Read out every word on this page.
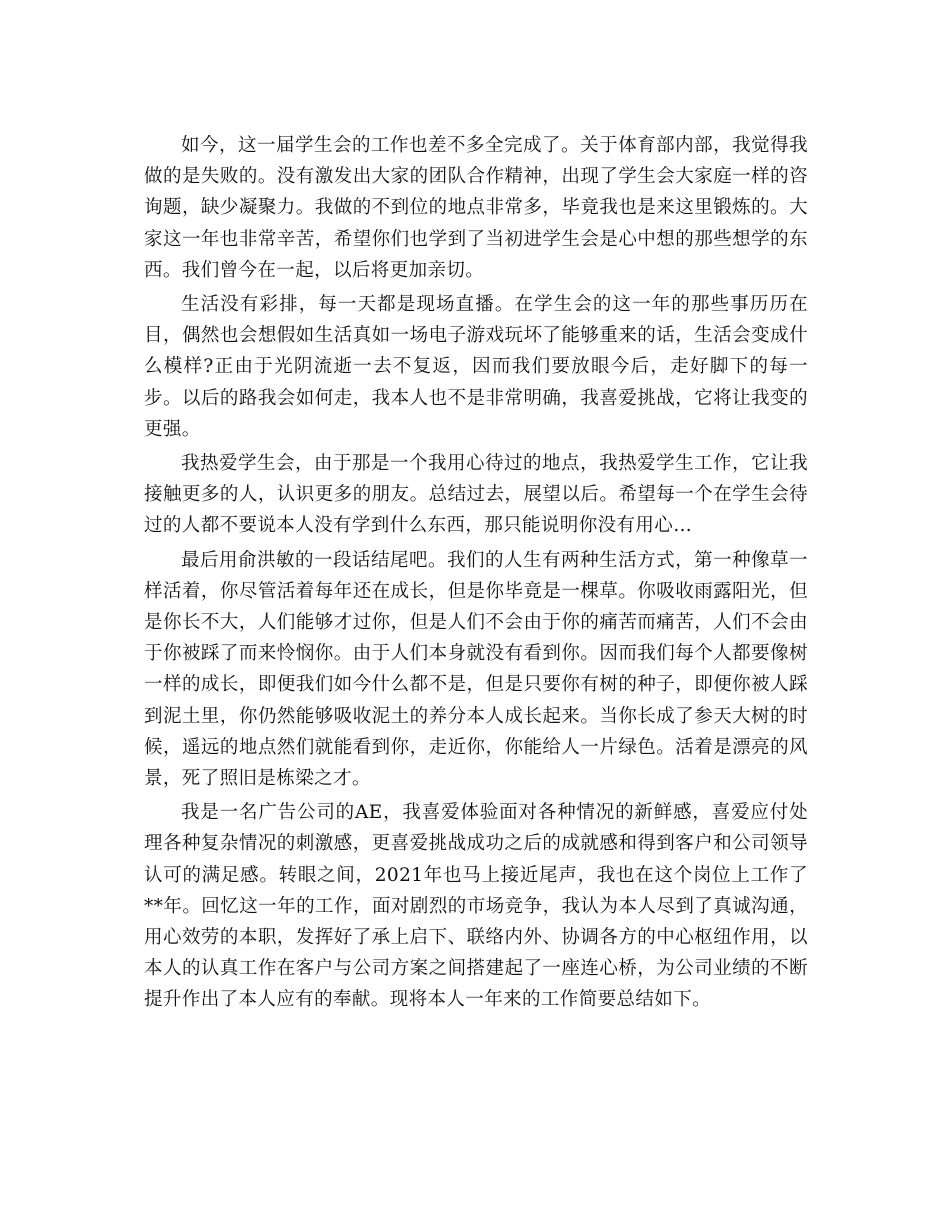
如今，这一届学生会的工作也差不多全完成了。关于体育部内部，我觉得我做的是失败的。没有激发出大家的团队合作精神，出现了学生会大家庭一样的咨询题，缺少凝聚力。我做的不到位的地点非常多，毕竟我也是来这里锻炼的。大家这一年也非常辛苦，希望你们也学到了当初进学生会是心中想的那些想学的东西。我们曾今在一起，以后将更加亲切。

生活没有彩排，每一天都是现场直播。在学生会的这一年的那些事历历在目，偶然也会想假如生活真如一场电子游戏玩坏了能够重来的话，生活会变成什么模样?正由于光阴流逝一去不复返，因而我们要放眼今后，走好脚下的每一步。以后的路我会如何走，我本人也不是非常明确，我喜爱挑战，它将让我变的更强。

我热爱学生会，由于那是一个我用心待过的地点，我热爱学生工作，它让我接触更多的人，认识更多的朋友。总结过去，展望以后。希望每一个在学生会待过的人都不要说本人没有学到什么东西，那只能说明你没有用心…

最后用俞洪敏的一段话结尾吧。我们的人生有两种生活方式，第一种像草一样活着，你尽管活着每年还在成长，但是你毕竟是一棵草。你吸收雨露阳光，但是你长不大，人们能够才过你，但是人们不会由于你的痛苦而痛苦，人们不会由于你被踩了而来怜悯你。由于人们本身就没有看到你。因而我们每个人都要像树一样的成长，即便我们如今什么都不是，但是只要你有树的种子，即便你被人踩到泥土里，你仍然能够吸收泥土的养分本人成长起来。当你长成了参天大树的时候，遥远的地点然们就能看到你，走近你，你能给人一片绿色。活着是漂亮的风景，死了照旧是栋梁之才。

我是一名广告公司的AE，我喜爱体验面对各种情况的新鲜感，喜爱应付处理各种复杂情况的刺激感，更喜爱挑战成功之后的成就感和得到客户和公司领导认可的满足感。转眼之间，2021年也马上接近尾声，我也在这个岗位上工作了**年。回忆这一年的工作，面对剧烈的市场竞争，我认为本人尽到了真诚沟通，用心效劳的本职，发挥好了承上启下、联络内外、协调各方的中心枢纽作用，以本人的认真工作在客户与公司方案之间搭建起了一座连心桥，为公司业绩的不断提升作出了本人应有的奉献。现将本人一年来的工作简要总结如下。
